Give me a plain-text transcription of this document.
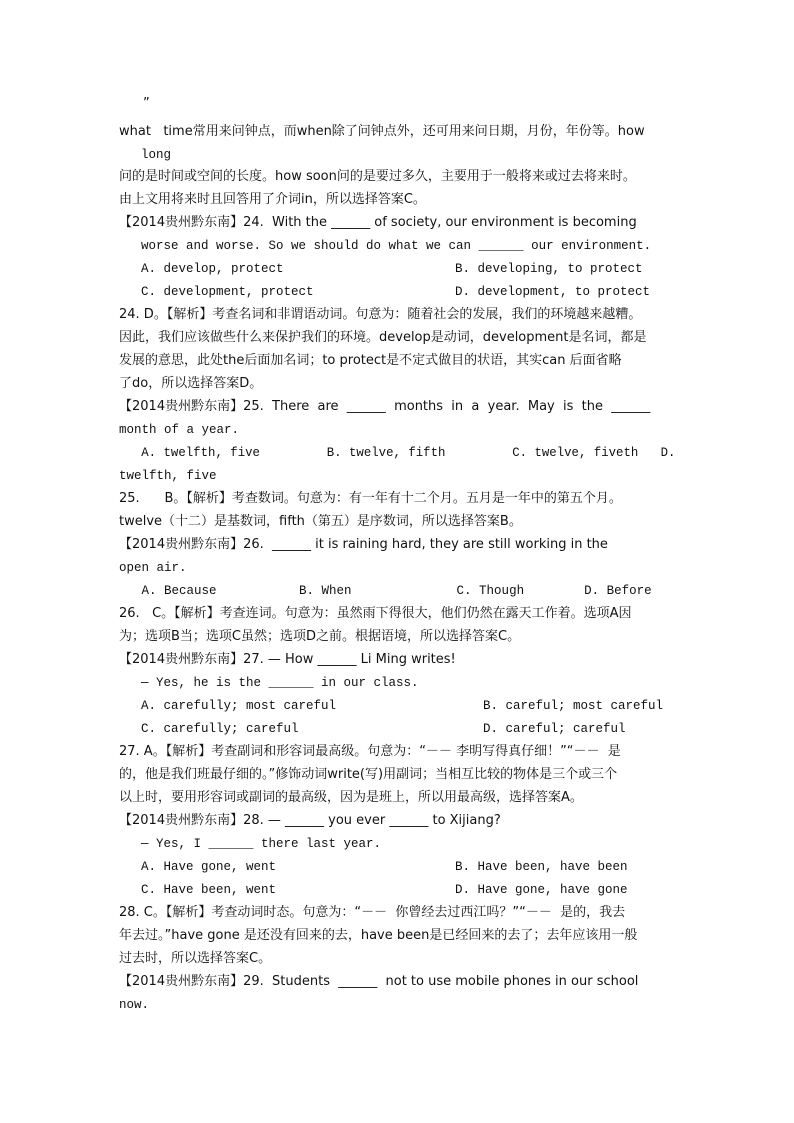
”
what   time常用来问钟点，而when除了问钟点外，还可用来问日期，月份，年份等。how
long
问的是时间或空间的长度。how soon问的是要过多久，主要用于一般将来或过去将来时。
由上文用将来时且回答用了介词in，所以选择答案C。
【2014贵州黔东南】24.  With the ______ of society, our environment is becoming
worse and worse. So we should do what we can ______ our environment.
A. develop, protect	B. developing, to protect
C. development, protect	D. development, to protect
24. D。【解析】考查名词和非谓语动词。句意为：随着社会的发展，我们的环境越来越糟。
因此，我们应该做些什么来保护我们的环境。develop是动词，development是名词，都是
发展的意思，此处the后面加名词；to protect是不定式做目的状语，其实can 后面省略
了do，所以选择答案D。
【2014贵州黔东南】25.  There  are  ______  months  in  a  year.  May  is  the  ______
month of a year.
A. twelfth, five         B. twelve, fifth         C. twelve, fiveth   D.
twelfth, five
25.      B。【解析】考查数词。句意为：有一年有十二个月。五月是一年中的第五个月。
twelve（十二）是基数词，fifth（第五）是序数词，所以选择答案B。
【2014贵州黔东南】26.  ______ it is raining hard, they are still working in the
open air.
A. Because           B. When              C. Though        D. Before
26.   C。【解析】考查连词。句意为：虽然雨下得很大，他们仍然在露天工作着。选项A因
为；选项B当；选项C虽然；选项D之前。根据语境，所以选择答案C。
【2014贵州黔东南】27. — How ______ Li Ming writes!
— Yes, he is the ______ in our class.
A. carefully; most careful	B. careful; most careful
C. carefully; careful	D. careful; careful
27. A。【解析】考查副词和形容词最高级。句意为：“－－ 李明写得真仔细！”“－－  是
的，他是我们班最仔细的。”修饰动词write(写)用副词；当相互比较的物体是三个或三个
以上时，要用形容词或副词的最高级，因为是班上，所以用最高级，选择答案A。
【2014贵州黔东南】28. — ______ you ever ______ to Xijiang?
— Yes, I ______ there last year.
A. Have gone, went	B. Have been, have been
C. Have been, went	D. Have gone, have gone
28. C。【解析】考查动词时态。句意为：“－－  你曾经去过西江吗？”“－－  是的，我去
年去过。”have gone 是还没有回来的去，have been是已经回来的去了；去年应该用一般
过去时，所以选择答案C。
【2014贵州黔东南】29.  Students  ______  not to use mobile phones in our school
now.
